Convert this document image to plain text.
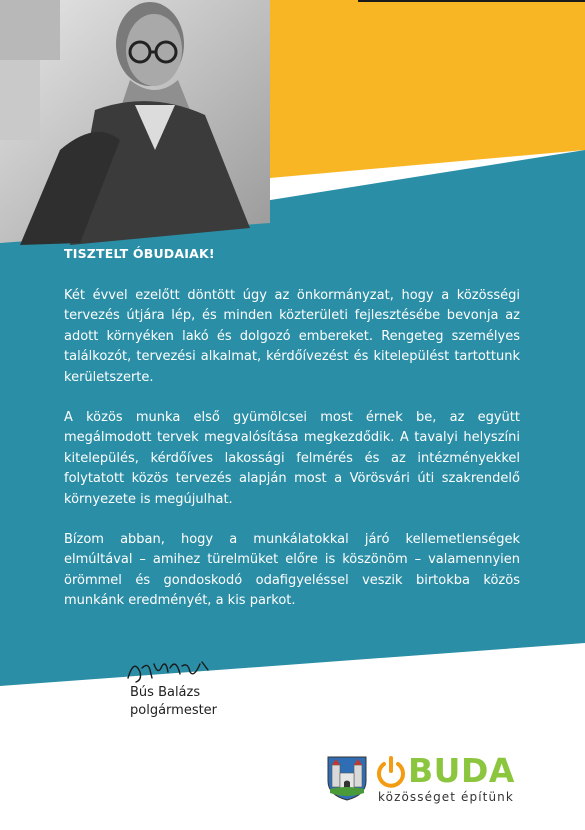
TISZTELT ÓBUDAIAK!

Két évvel ezelőtt döntött úgy az önkormányzat, hogy a közösségi tervezés útjára lép, és minden közterületi fejlesztésébe bevonja az adott környéken lakó és dolgozó embereket. Rengeteg személyes találkozót, tervezési alkalmat, kérdőívezést és kitelepülést tartottunk kerületszerte.

A közös munka első gyümölcsei most érnek be, az együtt megálmodott tervek megvalósítása megkezdődik. A tavalyi helyszíni kitelepülés, kérdőíves lakossági felmérés és az intézményekkel folytatott közös tervezés alapján most a Vörösvári úti szakrendelő környezete is megújulhat.

Bízom abban, hogy a munkálatokkal járó kellemetlenségek elmúltával – amihez türelmüket előre is köszönöm – valamennyien örömmel és gondoskodó odafigyeléssel veszik birtokba közös munkánk eredményét, a kis parkot.

Bús Balázs
polgármester
BUDA
közösséget építünk
